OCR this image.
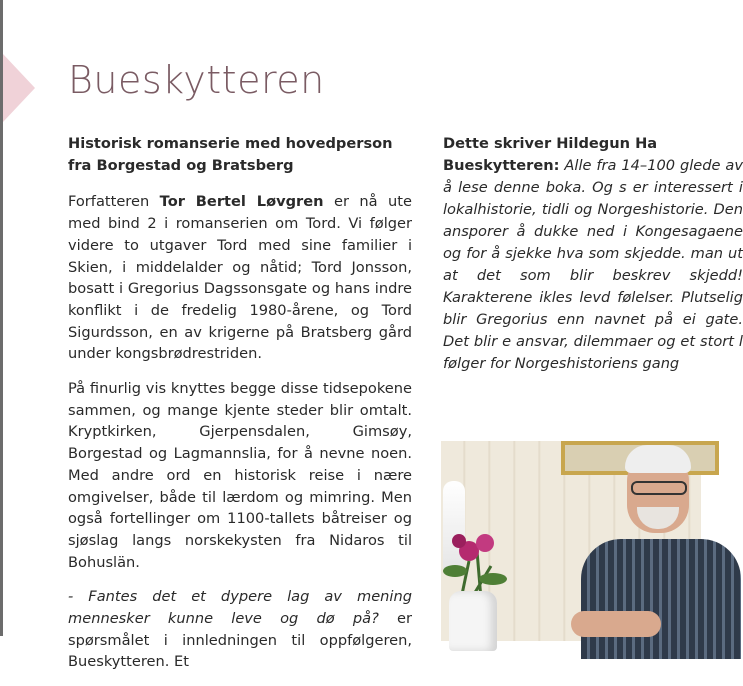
Bueskytteren
Historisk romanserie med hovedperson fra Borgestad og Bratsberg

Forfatteren Tor Bertel Løvgren er nå ute med bind 2 i romanserien om Tord. Vi følger videre to utgaver Tord med sine familier i Skien, i middelalder og nåtid; Tord Jonsson, bosatt i Gregorius Dagssonsgate og hans indre konflikt i de fredelig 1980-årene, og Tord Sigurdsson, en av krigerne på Bratsberg gård under kongsbrødrestriden.

På finurlig vis knyttes begge disse tidsepokene sammen, og mange kjente steder blir omtalt. Kryptkirken, Gjerpensdalen, Gimsøy, Borgestad og Lagmannslia, for å nevne noen. Med andre ord en historisk reise i nære omgivelser, både til lærdom og mimring. Men også fortellinger om 1100-tallets båtreiser og sjøslag langs norskekysten fra Nidaros til Bohuslän.

- Fantes det et dypere lag av mening mennesker kunne leve og dø på? er spørsmålet i innledningen til oppfølgeren, Bueskytteren. Et

Dette skriver Hildegun Ha
Bueskytteren: Alle fra 14–100 glede av å lese denne boka. Og s er interessert i lokalhistorie, tidli og Norgeshistorie. Den ansporer å dukke ned i Kongesagaene og for å sjekke hva som skjedde. man ut at det som blir beskrev skjedd! Karakterene ikles levd følelser. Plutselig blir Gregorius enn navnet på ei gate. Det blir e ansvar, dilemmaer og et stort l følger for Norgeshistoriens gang
